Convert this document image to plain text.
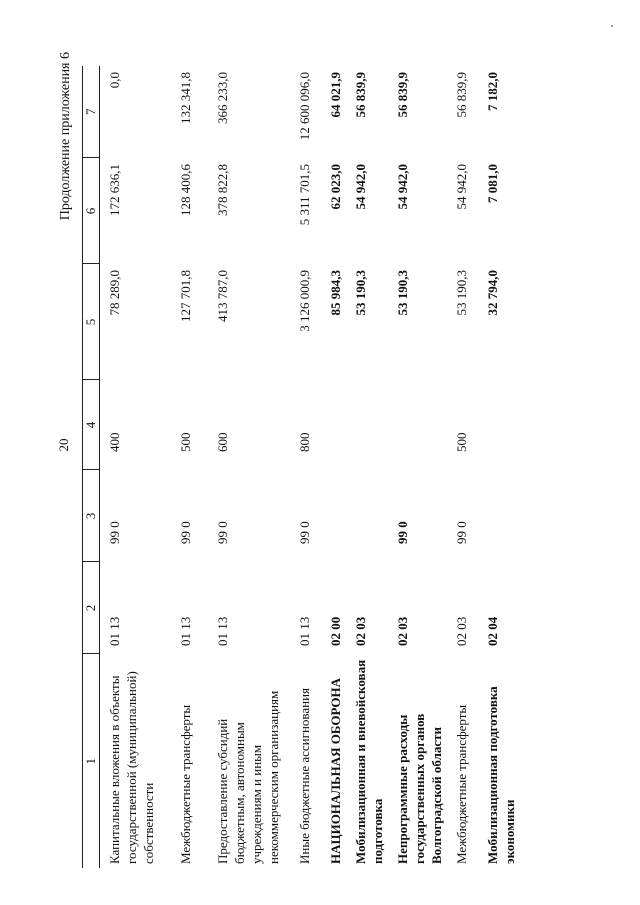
20
Продолжение приложения 6
1	2	3	4	5	6	7
Капитальные вложения в объекты государственной (муниципальной) собственности	01 13	99 0	400	78 289,0	172 636,1	0,0
Межбюджетные трансферты	01 13	99 0	500	127 701,8	128 400,6	132 341,8
Предоставление субсидий бюджетным, автономным учреждениям и иным некоммерческим организациям	01 13	99 0	600	413 787,0	378 822,8	366 233,0
Иные бюджетные ассигнования	01 13	99 0	800	3 126 000,9	5 311 701,5	12 600 096,0
НАЦИОНАЛЬНАЯ ОБОРОНА	02 00			85 984,3	62 023,0	64 021,9
Мобилизационная и вневойсковая подготовка	02 03			53 190,3	54 942,0	56 839,9
Непрограммные расходы государственных органов Волгоградской области	02 03	99 0		53 190,3	54 942,0	56 839,9
Межбюджетные трансферты	02 03	99 0	500	53 190,3	54 942,0	56 839,9
Мобилизационная подготовка экономики	02 04			32 794,0	7 081,0	7 182,0
